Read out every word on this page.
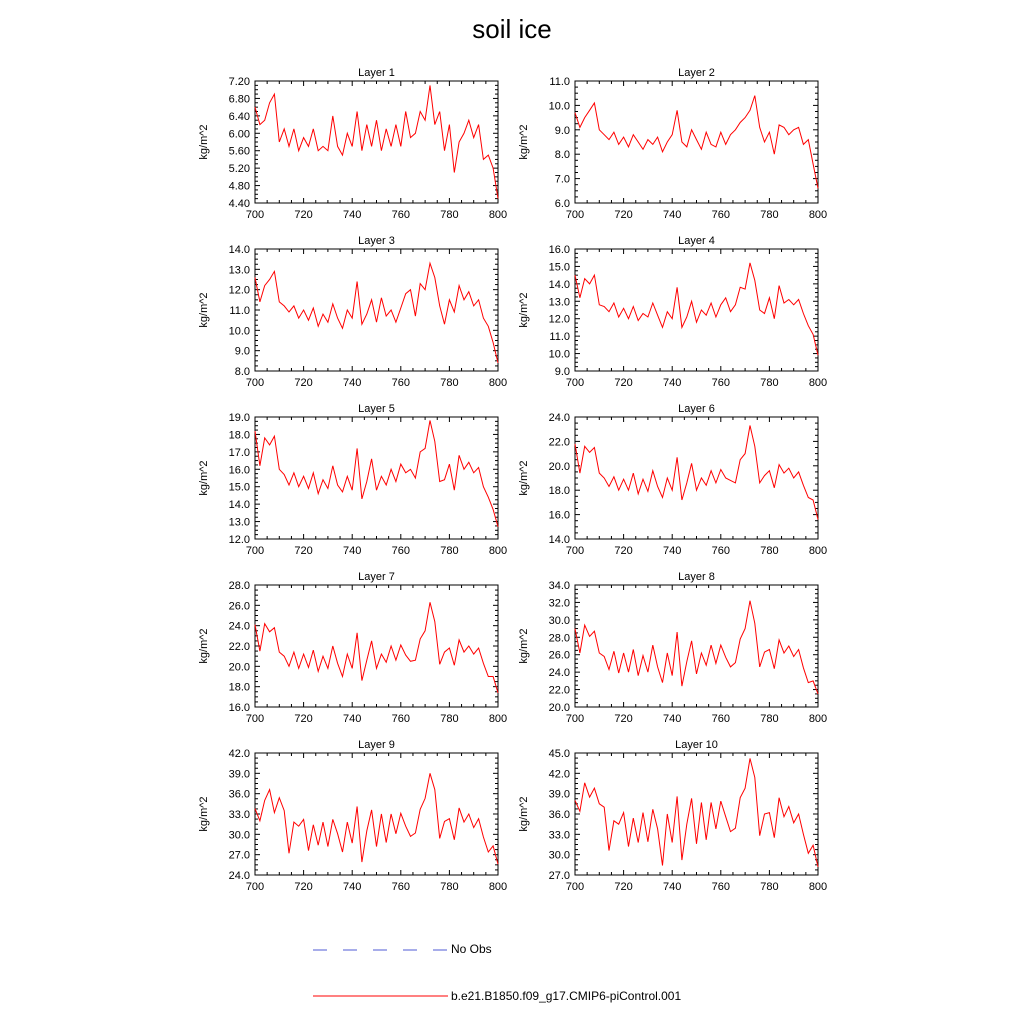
soil ice
Layer 1
kg/m^2
4.40
4.80
5.20
5.60
6.00
6.40
6.80
7.20
700	720	740	760	780	800
Layer 2
kg/m^2
6.0
7.0
8.0
9.0
10.0
11.0
700	720	740	760	780	800
Layer 3
kg/m^2
8.0
9.0
10.0
11.0
12.0
13.0
14.0
700	720	740	760	780	800
Layer 4
kg/m^2
9.0
10.0
11.0
12.0
13.0
14.0
15.0
16.0
700	720	740	760	780	800
Layer 5
kg/m^2
12.0
13.0
14.0
15.0
16.0
17.0
18.0
19.0
700	720	740	760	780	800
Layer 6
kg/m^2
14.0
16.0
18.0
20.0
22.0
24.0
700	720	740	760	780	800
Layer 7
kg/m^2
16.0
18.0
20.0
22.0
24.0
26.0
28.0
700	720	740	760	780	800
Layer 8
kg/m^2
20.0
22.0
24.0
26.0
28.0
30.0
32.0
34.0
700	720	740	760	780	800
Layer 9
kg/m^2
24.0
27.0
30.0
33.0
36.0
39.0
42.0
700	720	740	760	780	800
Layer 10
kg/m^2
27.0
30.0
33.0
36.0
39.0
42.0
45.0
700	720	740	760	780	800
No Obs
b.e21.B1850.f09_g17.CMIP6-piControl.001
